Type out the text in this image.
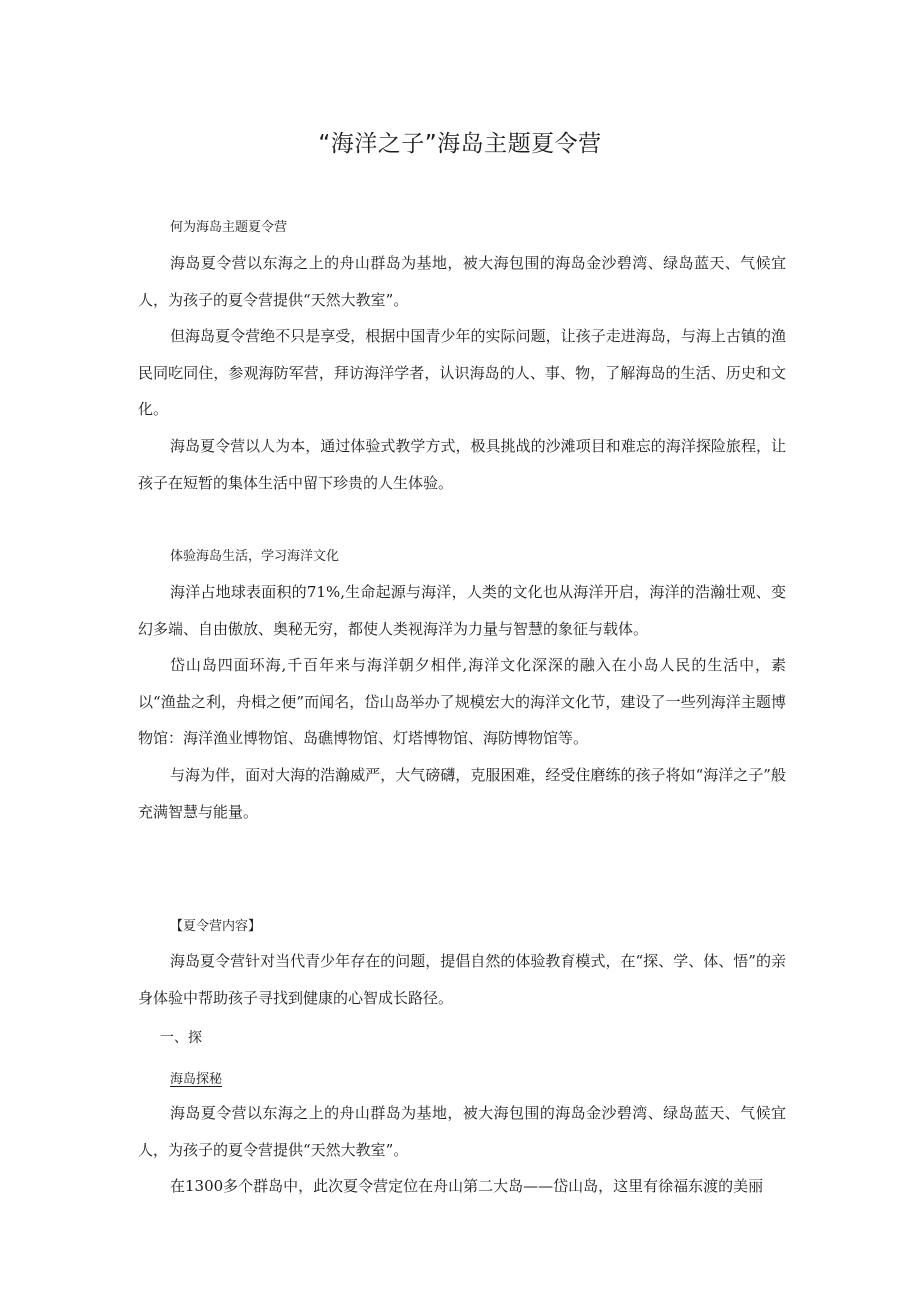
“海洋之子”海岛主题夏令营
何为海岛主题夏令营

海岛夏令营以东海之上的舟山群岛为基地，被大海包围的海岛金沙碧湾、绿岛蓝天、气候宜人，为孩子的夏令营提供“天然大教室”。

但海岛夏令营绝不只是享受，根据中国青少年的实际问题，让孩子走进海岛，与海上古镇的渔民同吃同住，参观海防军营，拜访海洋学者，认识海岛的人、事、物，了解海岛的生活、历史和文化。

海岛夏令营以人为本，通过体验式教学方式，极具挑战的沙滩项目和难忘的海洋探险旅程，让孩子在短暂的集体生活中留下珍贵的人生体验。

体验海岛生活，学习海洋文化

海洋占地球表面积的71%,生命起源与海洋，人类的文化也从海洋开启，海洋的浩瀚壮观、变幻多端、自由傲放、奥秘无穷，都使人类视海洋为力量与智慧的象征与载体。

岱山岛四面环海,千百年来与海洋朝夕相伴,海洋文化深深的融入在小岛人民的生活中，素以“渔盐之利，舟楫之便”而闻名，岱山岛举办了规模宏大的海洋文化节，建设了一些列海洋主题博物馆：海洋渔业博物馆、岛礁博物馆、灯塔博物馆、海防博物馆等。

与海为伴，面对大海的浩瀚威严，大气磅礴，克服困难，经受住磨练的孩子将如“海洋之子”般充满智慧与能量。

【夏令营内容】

海岛夏令营针对当代青少年存在的问题，提倡自然的体验教育模式，在“探、学、体、悟”的亲身体验中帮助孩子寻找到健康的心智成长路径。

一、探

海岛探秘

海岛夏令营以东海之上的舟山群岛为基地，被大海包围的海岛金沙碧湾、绿岛蓝天、气候宜人，为孩子的夏令营提供“天然大教室”。

在1300多个群岛中，此次夏令营定位在舟山第二大岛——岱山岛，这里有徐福东渡的美丽
